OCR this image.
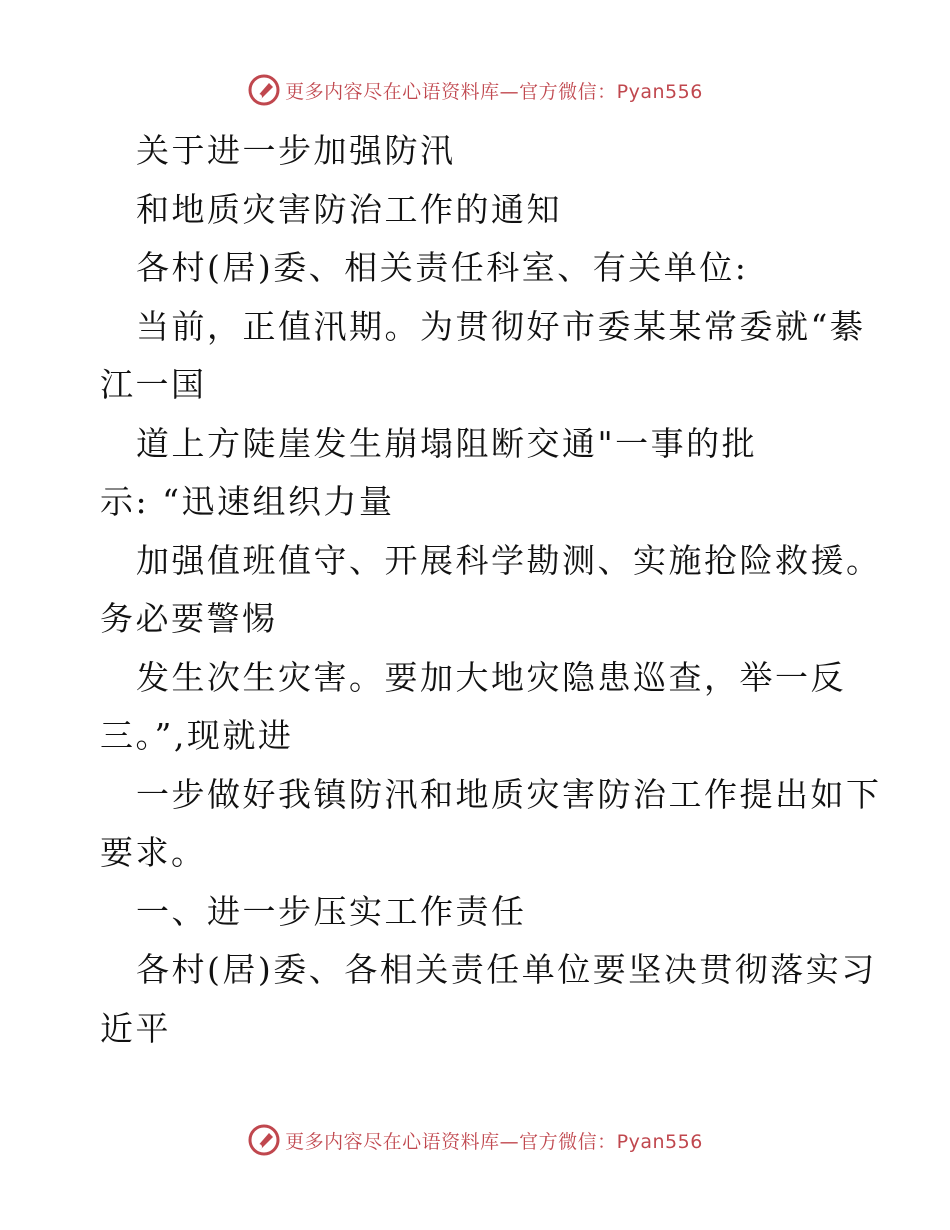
更多内容尽在心语资料库—官方微信：Pyan556
关于进一步加强防汛
和地质灾害防治工作的通知
各村(居)委、相关责任科室、有关单位:
当前，正值汛期。为贯彻好市委某某常委就“綦
江一国
道上方陡崖发生崩塌阻断交通"一事的批
示: “迅速组织力量
加强值班值守、开展科学勘测、实施抢险救援。
务必要警惕
发生次生灾害。要加大地灾隐患巡查，举一反
三。”,现就进
一步做好我镇防汛和地质灾害防治工作提出如下
要求。
一、进一步压实工作责任
各村(居)委、各相关责任单位要坚决贯彻落实习
近平
更多内容尽在心语资料库—官方微信：Pyan556
